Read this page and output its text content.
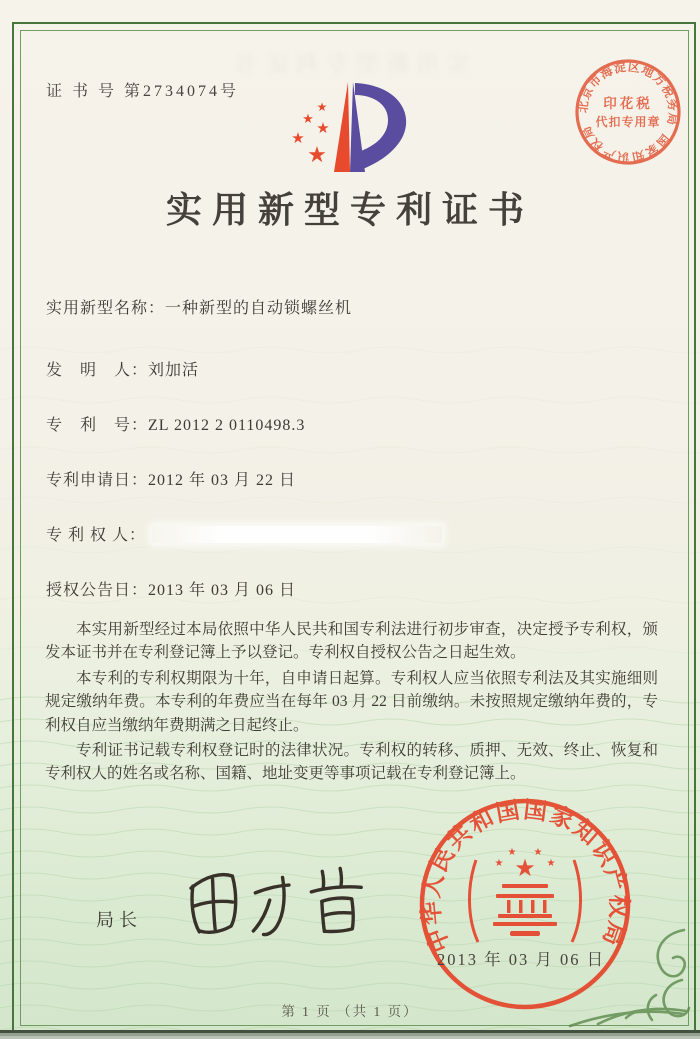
实用新型专利证书
证 书 号 第2734074号
北京市海淀区地方税务局
国家知识产权局
印花税
代扣专用章
★
★
★
★
★
实用新型专利证书
实用新型名称：一种新型的自动锁螺丝机
发　明　人：刘加活
专　利　号：ZL 2012 2 0110498.3
专利申请日：2012 年 03 月 22 日
专 利 权 人：
授权公告日：2013 年 03 月 06 日

本实用新型经过本局依照中华人民共和国专利法进行初步审查，决定授予专利权，颁发本证书并在专利登记簿上予以登记。专利权自授权公告之日起生效。

本专利的专利权期限为十年，自申请日起算。专利权人应当依照专利法及其实施细则规定缴纳年费。本专利的年费应当在每年 03 月 22 日前缴纳。未按照规定缴纳年费的，专利权自应当缴纳年费期满之日起终止。

专利证书记载专利权登记时的法律状况。专利权的转移、质押、无效、终止、恢复和专利权人的姓名或名称、国籍、地址变更等事项记载在专利登记簿上。

局长
中华人民共和国国家知识产权局
★
★
★ ★
★
2013 年 03 月 06 日
第 1 页 （共 1 页）
